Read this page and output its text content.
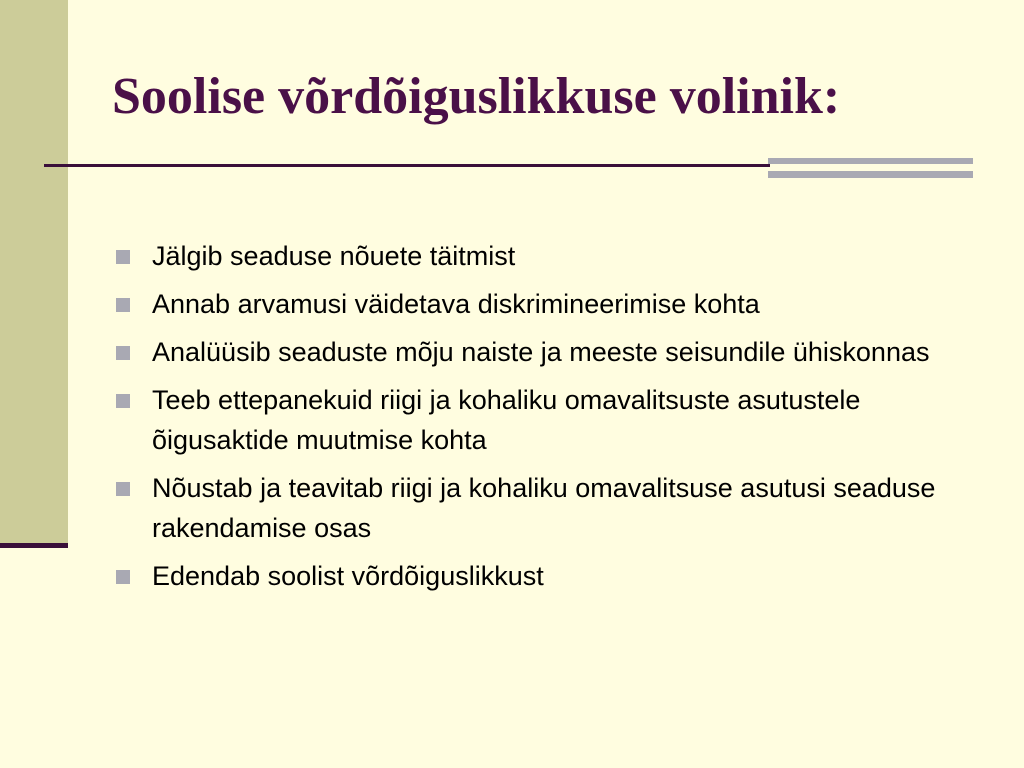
Soolise võrdõiguslikkuse volinik:
Jälgib seaduse nõuete täitmist
Annab arvamusi väidetava diskrimineerimise kohta
Analüüsib seaduste mõju naiste ja meeste seisundile ühiskonnas
Teeb ettepanekuid riigi ja kohaliku omavalitsuste asutustele õigusaktide muutmise kohta
Nõustab ja teavitab riigi ja kohaliku omavalitsuse asutusi seaduse rakendamise osas
Edendab soolist võrdõiguslikkust
